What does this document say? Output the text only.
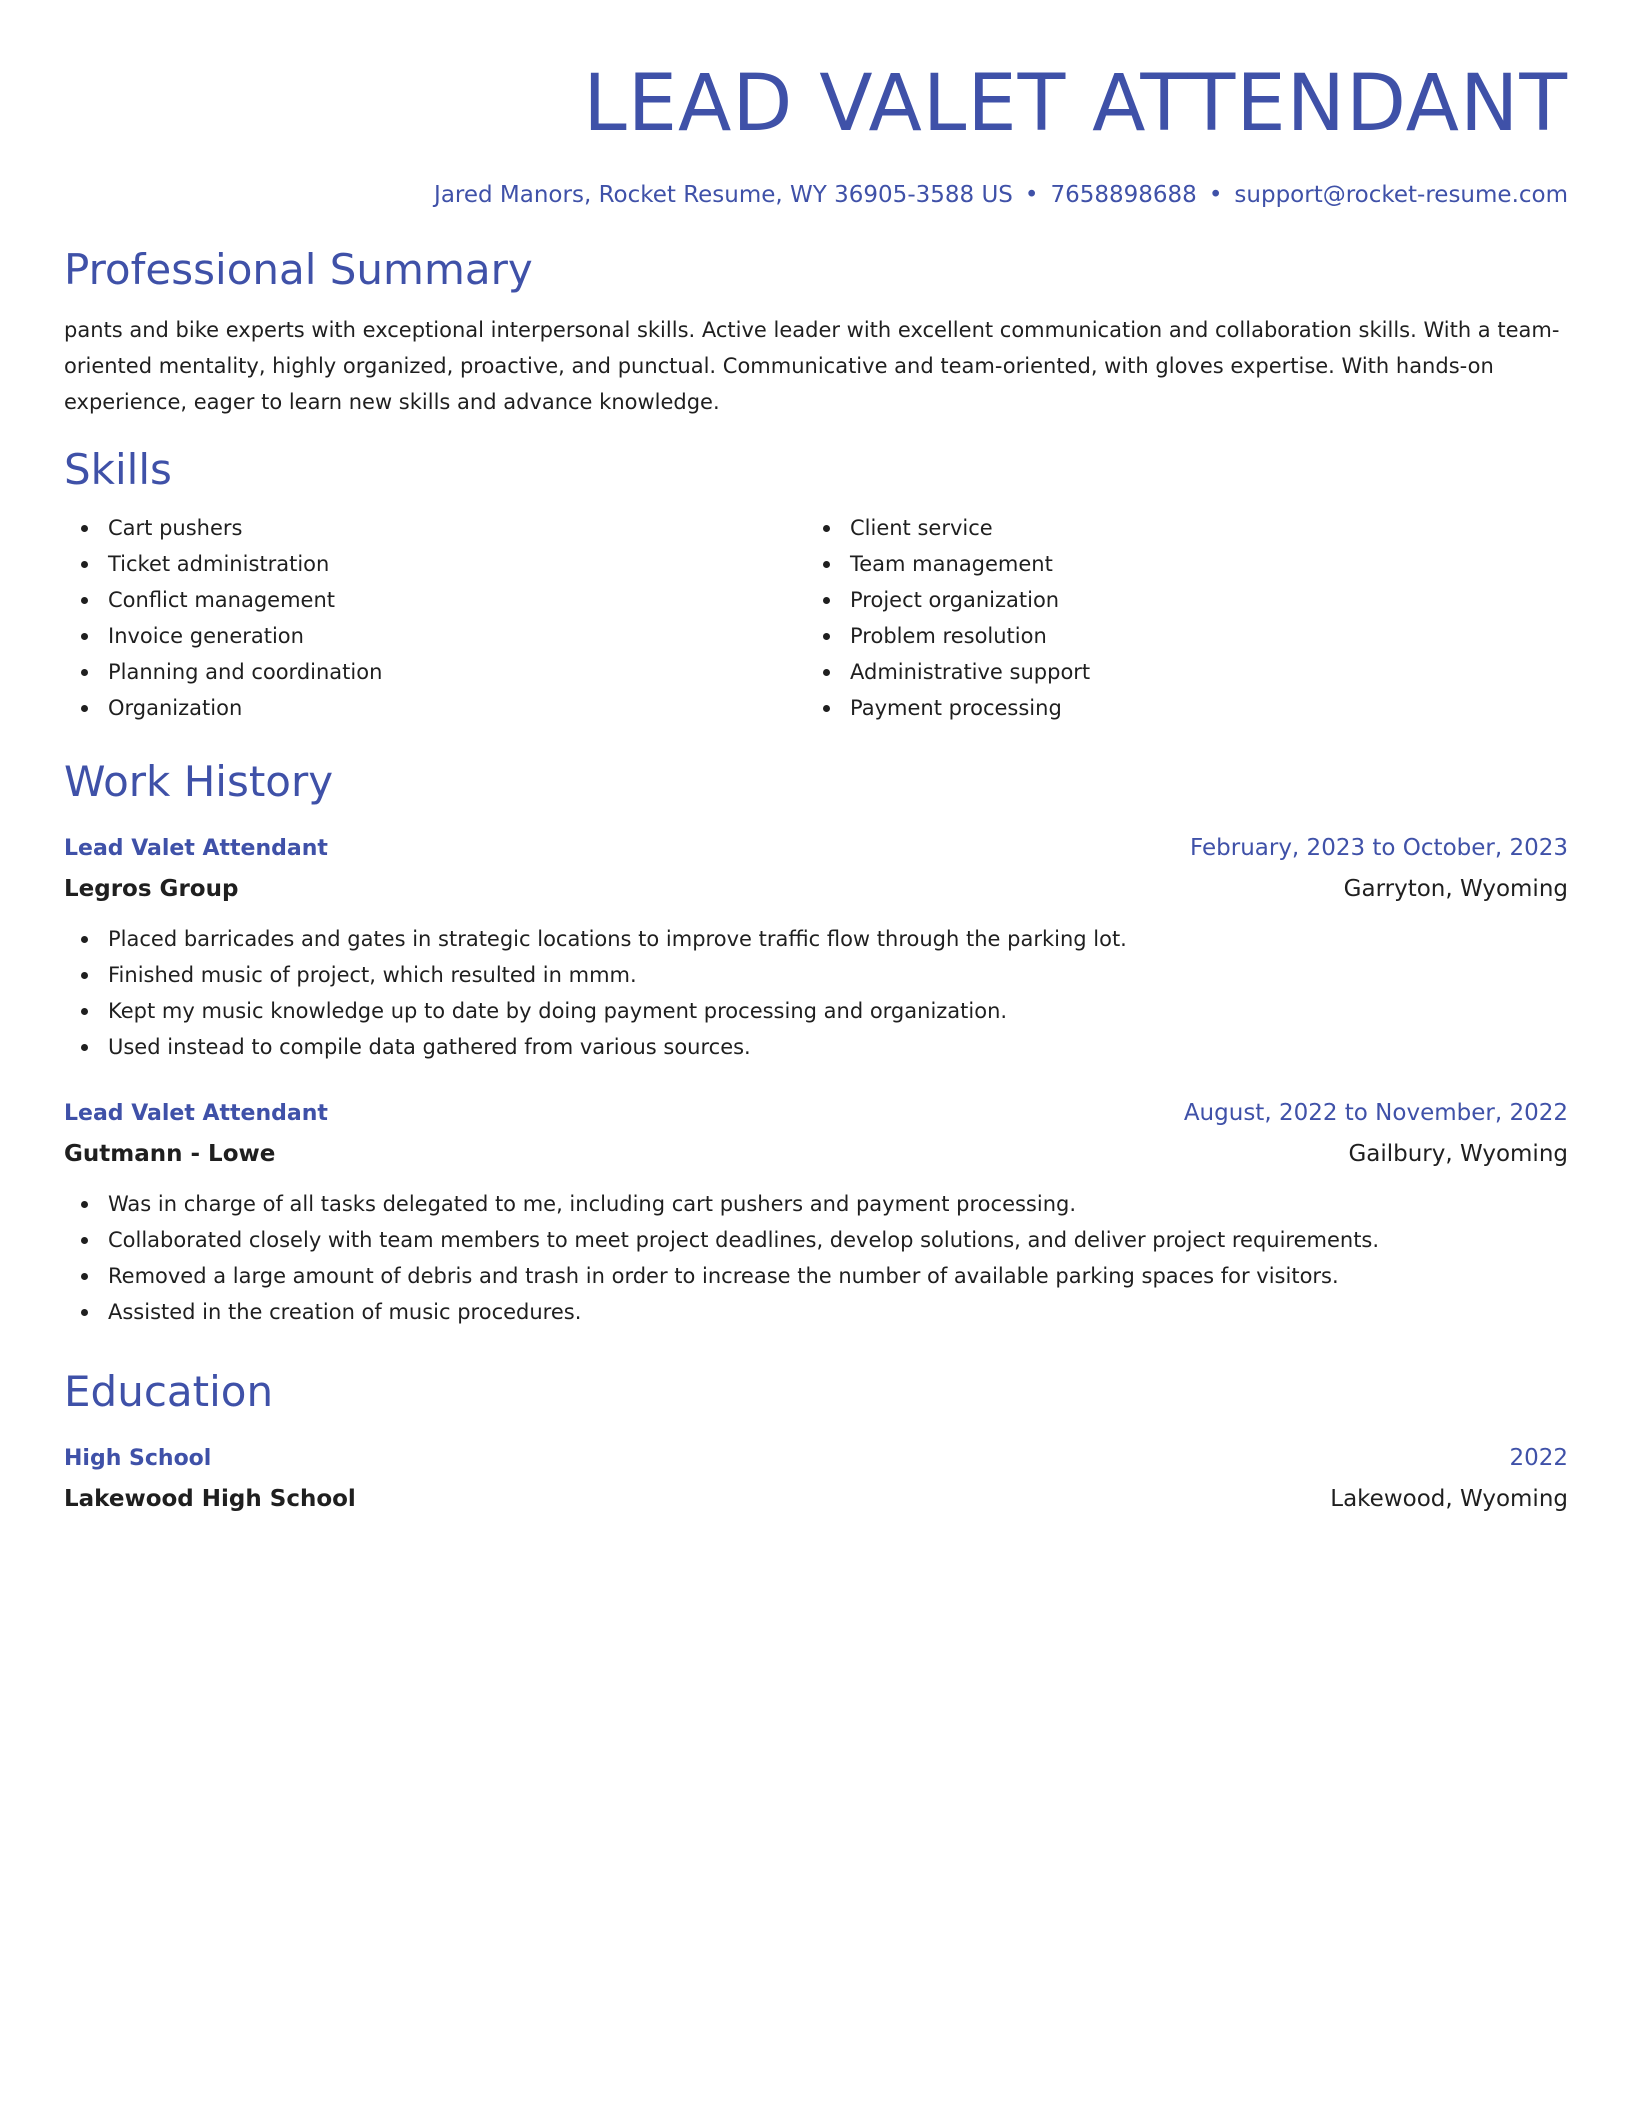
LEAD VALET ATTENDANT
Jared Manors, Rocket Resume, WY 36905-3588 US • 7658898688 • support@rocket-resume.com
Professional Summary
pants and bike experts with exceptional interpersonal skills. Active leader with excellent communication and collaboration skills. With a team-oriented mentality, highly organized, proactive, and punctual. Communicative and team-oriented, with gloves expertise. With hands-on experience, eager to learn new skills and advance knowledge.
Skills
Cart pushers
Ticket administration
Conflict management
Invoice generation
Planning and coordination
Organization
Client service
Team management
Project organization
Problem resolution
Administrative support
Payment processing
Work History
Lead Valet Attendant	February, 2023 to October, 2023
Legros Group	Garryton, Wyoming
Placed barricades and gates in strategic locations to improve traffic flow through the parking lot.
Finished music of project, which resulted in mmm.
Kept my music knowledge up to date by doing payment processing and organization.
Used instead to compile data gathered from various sources.
Lead Valet Attendant	August, 2022 to November, 2022
Gutmann - Lowe	Gailbury, Wyoming
Was in charge of all tasks delegated to me, including cart pushers and payment processing.
Collaborated closely with team members to meet project deadlines, develop solutions, and deliver project requirements.
Removed a large amount of debris and trash in order to increase the number of available parking spaces for visitors.
Assisted in the creation of music procedures.
Education
High School	2022
Lakewood High School	Lakewood, Wyoming
